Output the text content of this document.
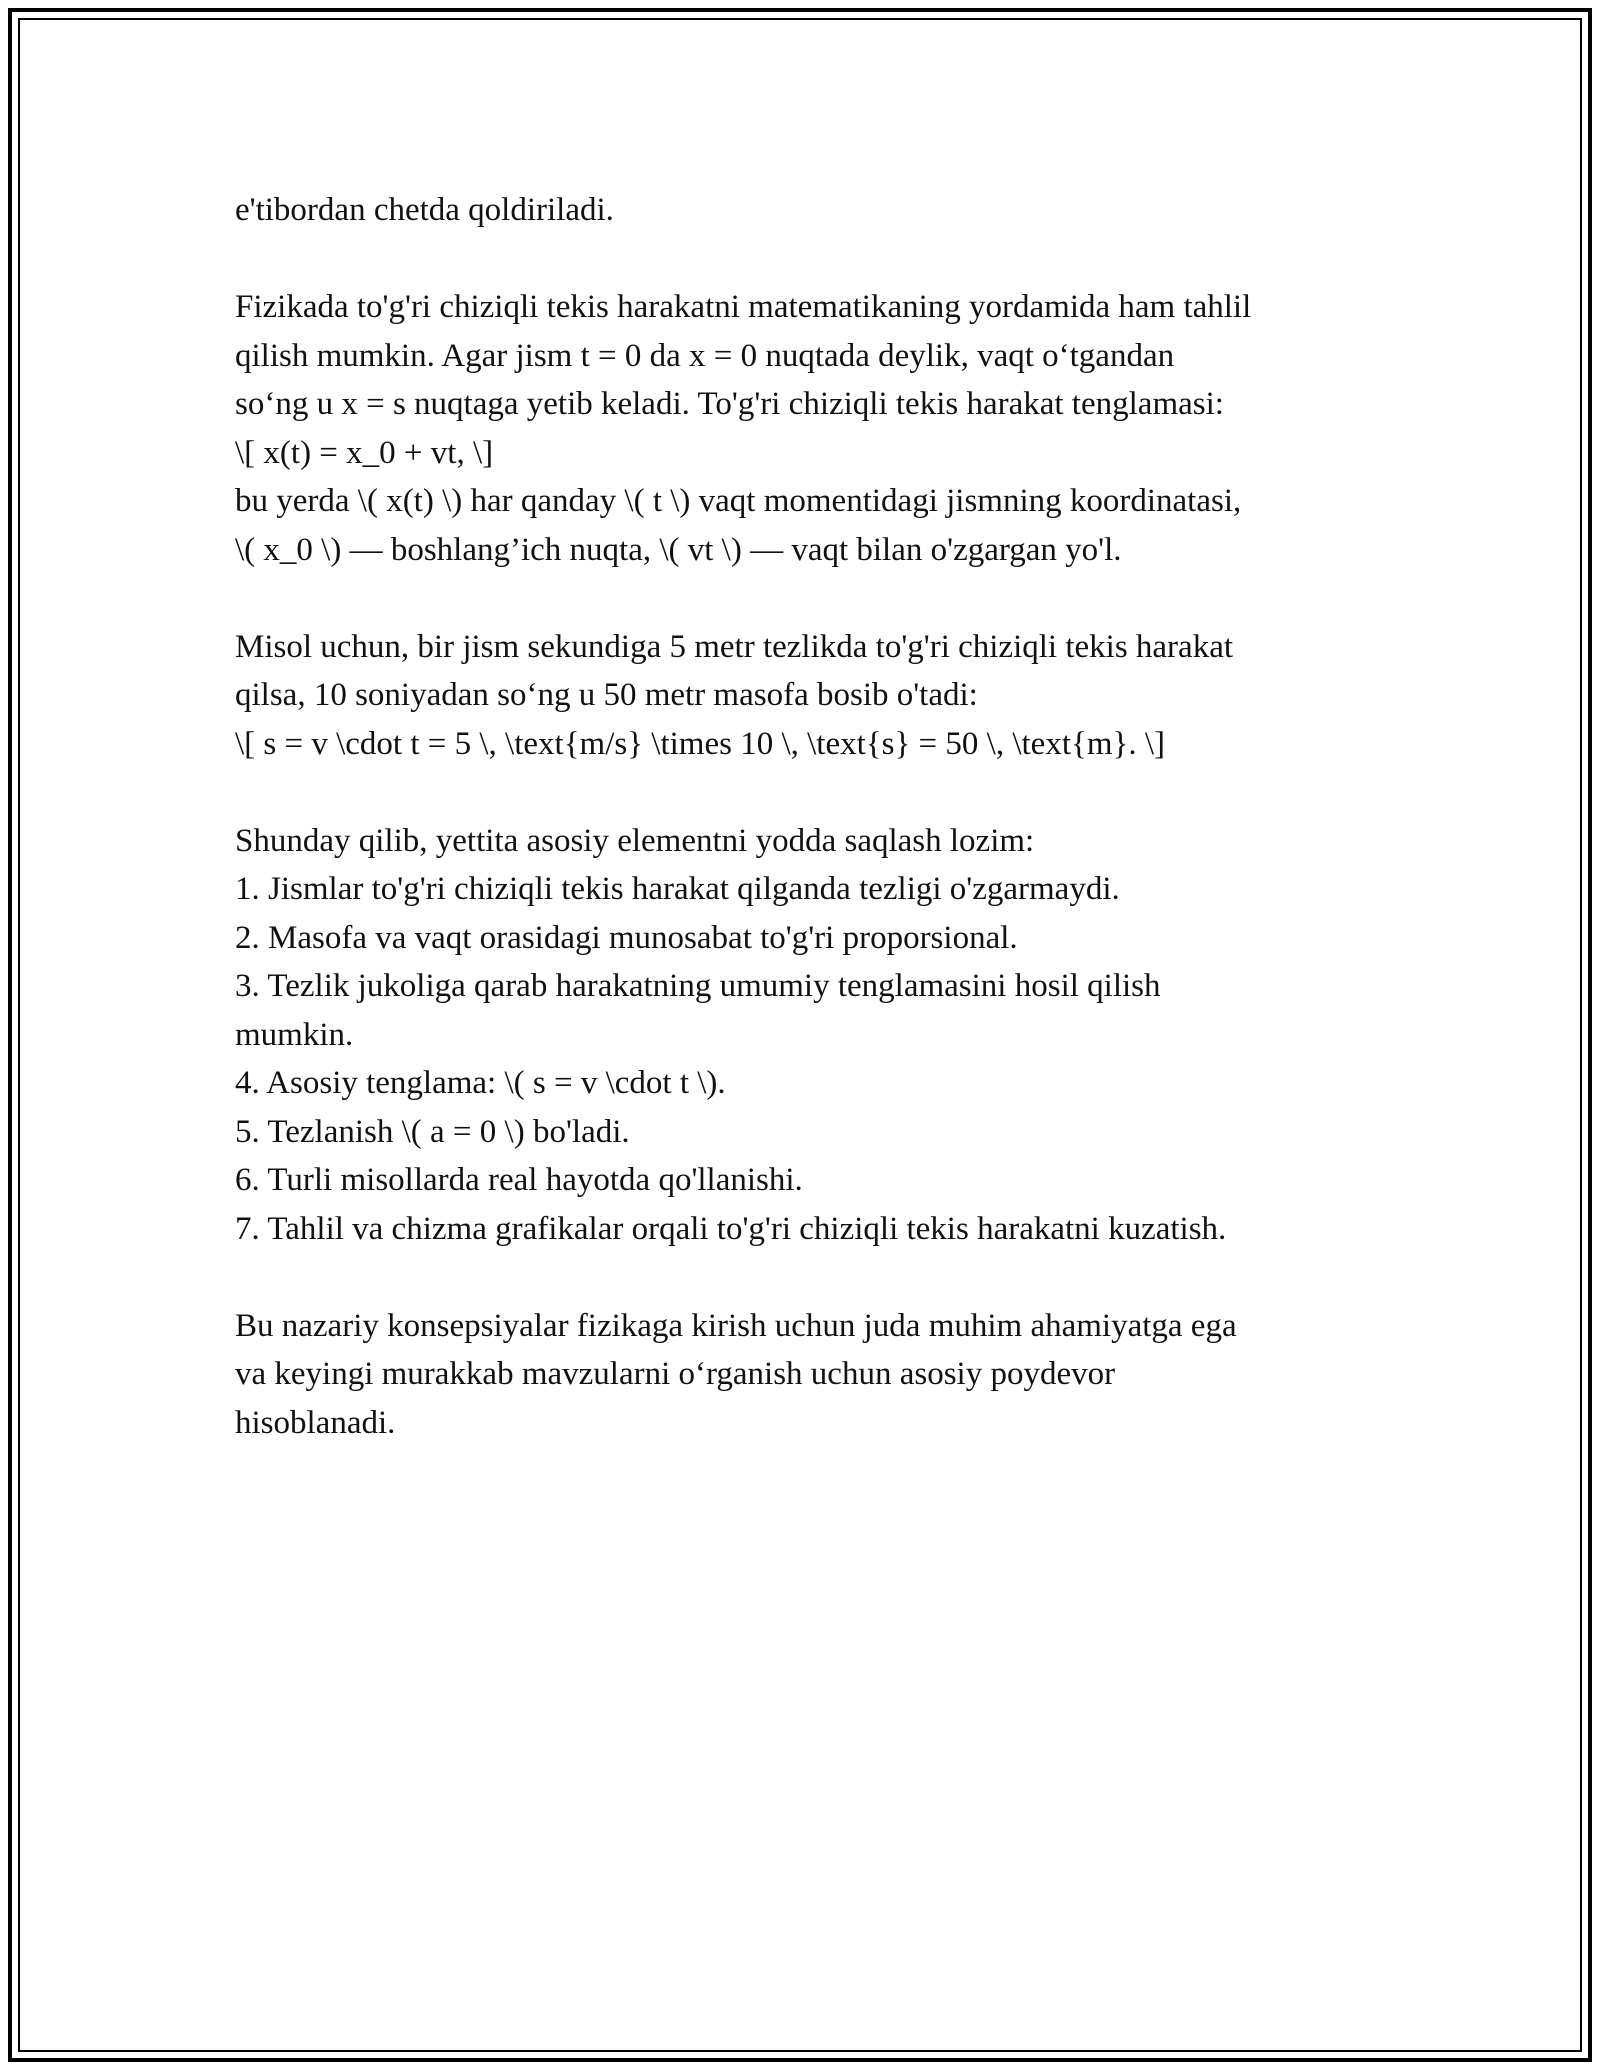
e'tibordan chetda qoldiriladi.

Fizikada to'g'ri chiziqli tekis harakatni matematikaning yordamida ham tahlil

qilish mumkin. Agar jism t = 0 da x = 0 nuqtada deylik, vaqt o‘tgandan

so‘ng u x = s nuqtaga yetib keladi. To'g'ri chiziqli tekis harakat tenglamasi:

\[ x(t) = x_0 + vt, \]

bu yerda \( x(t) \) har qanday \( t \) vaqt momentidagi jismning koordinatasi,

\( x_0 \) — boshlang’ich nuqta, \( vt \) — vaqt bilan o'zgargan yo'l.

Misol uchun, bir jism sekundiga 5 metr tezlikda to'g'ri chiziqli tekis harakat

qilsa, 10 soniyadan so‘ng u 50 metr masofa bosib o'tadi:

\[ s = v \cdot t = 5 \, \text{m/s} \times 10 \, \text{s} = 50 \, \text{m}. \]

Shunday qilib, yettita asosiy elementni yodda saqlash lozim:

1. Jismlar to'g'ri chiziqli tekis harakat qilganda tezligi o'zgarmaydi.

2. Masofa va vaqt orasidagi munosabat to'g'ri proporsional.

3. Tezlik jukoliga qarab harakatning umumiy tenglamasini hosil qilish

mumkin.

4. Asosiy tenglama: \( s = v \cdot t \).

5. Tezlanish \( a = 0 \) bo'ladi.

6. Turli misollarda real hayotda qo'llanishi.

7. Tahlil va chizma grafikalar orqali to'g'ri chiziqli tekis harakatni kuzatish.

Bu nazariy konsepsiyalar fizikaga kirish uchun juda muhim ahamiyatga ega

va keyingi murakkab mavzularni o‘rganish uchun asosiy poydevor

hisoblanadi.
